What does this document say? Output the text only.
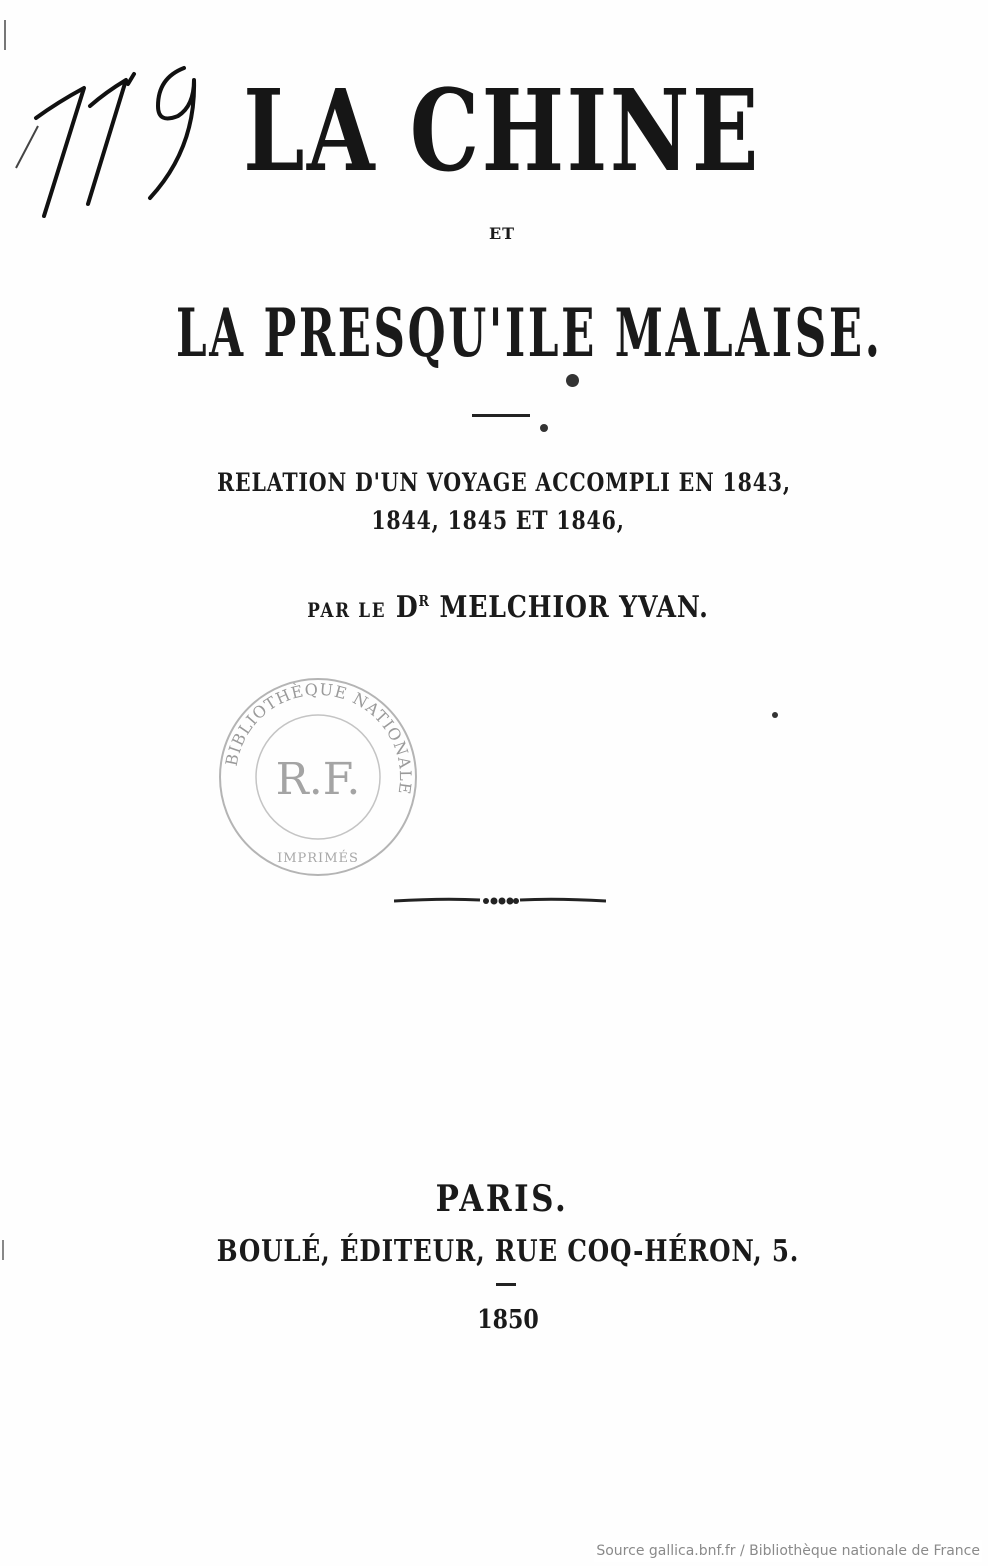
LA CHINE
ET
LA PRESQU'ILE MALAISE.
RELATION D'UN VOYAGE ACCOMPLI EN 1843,
1844, 1845 ET 1846,
PAR LE $D^R$ MELCHIOR YVAN.
BIBLIOTHÈQUE NATIONALE
R.F.
IMPRIMÉS
PARIS.
BOULÉ, ÉDITEUR, RUE COQ-HÉRON, 5.
1850
Source gallica.bnf.fr / Bibliothèque nationale de France
